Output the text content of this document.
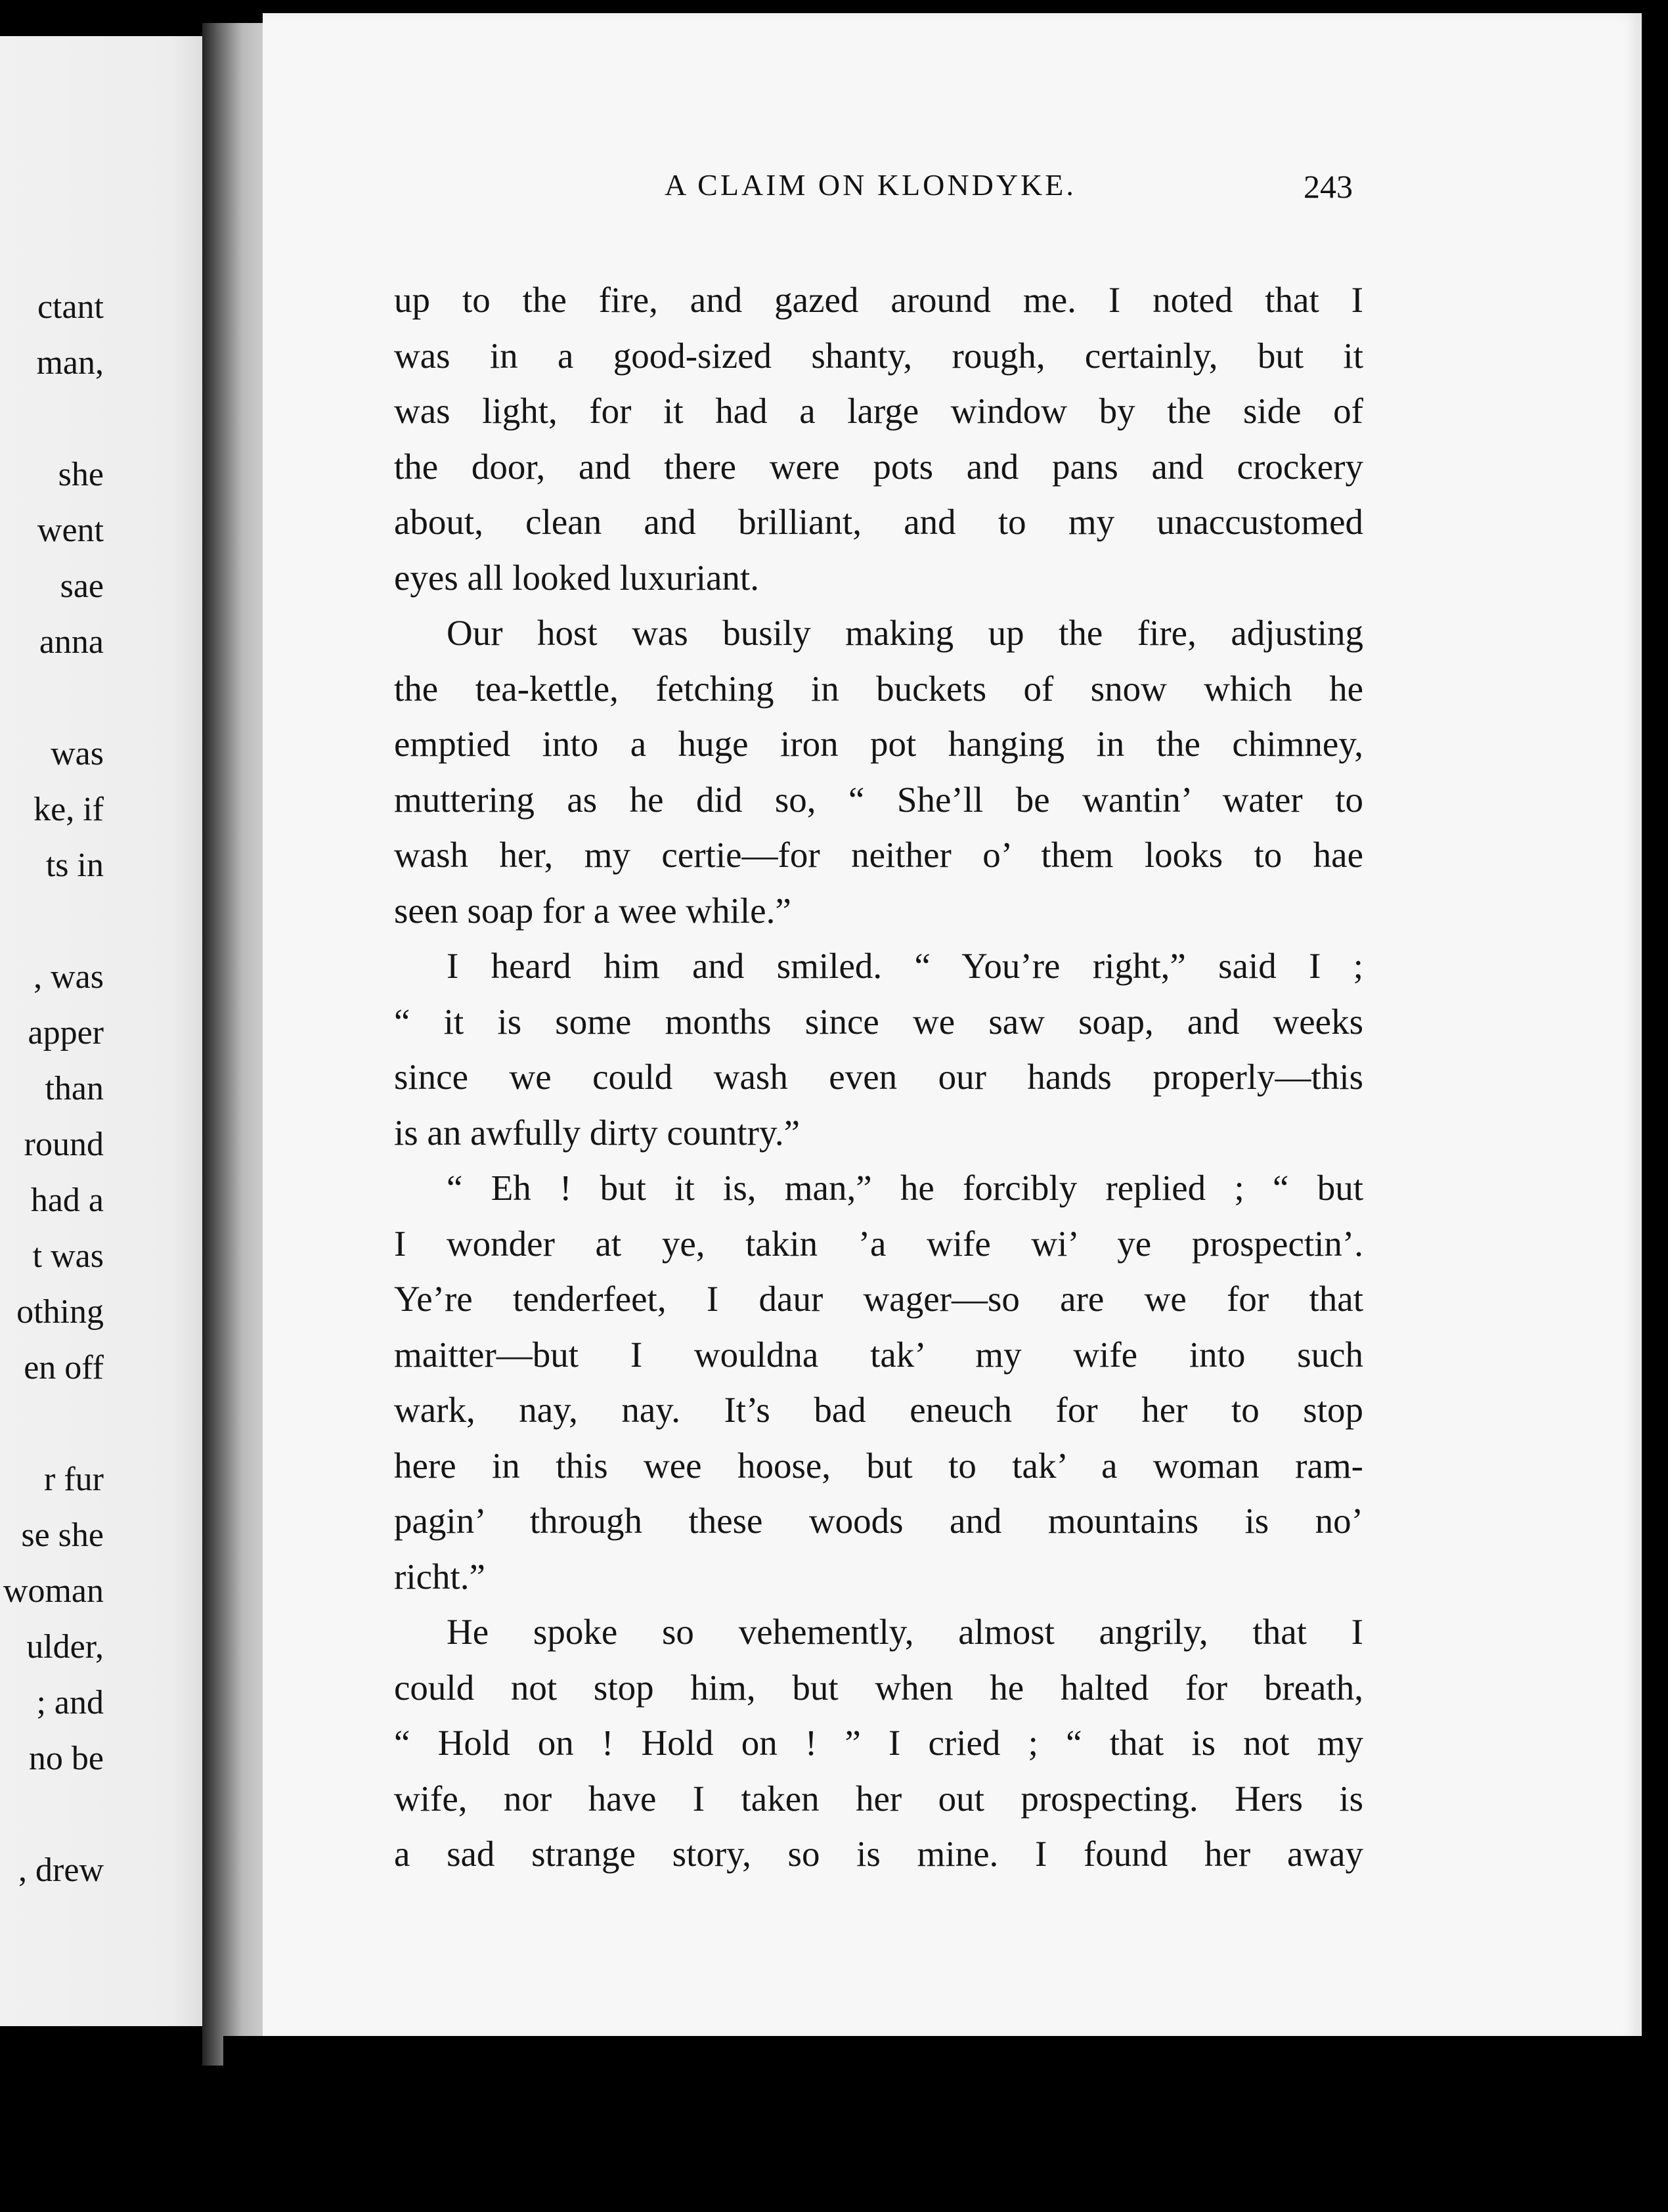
ctant
man,
she
went
sae
anna
was
ke, if
ts in
, was
apper
than
round
had a
t was
othing
en off
r fur
se she
woman
ulder,
; and
no be
, drew
A CLAIM ON KLONDYKE.	243
up to the fire, and gazed around me. I noted that I
was in a good-sized shanty, rough, certainly, but it
was light, for it had a large window by the side of
the door, and there were pots and pans and crockery
about, clean and brilliant, and to my unaccustomed
eyes all looked luxuriant.
Our host was busily making up the fire, adjusting
the tea-kettle, fetching in buckets of snow which he
emptied into a huge iron pot hanging in the chimney,
muttering as he did so, “ She’ll be wantin’ water to
wash her, my certie—for neither o’ them looks to hae
seen soap for a wee while.”
I heard him and smiled. “ You’re right,” said I ;
“ it is some months since we saw soap, and weeks
since we could wash even our hands properly—this
is an awfully dirty country.”
“ Eh ! but it is, man,” he forcibly replied ; “ but
I wonder at ye, takin ’a wife wi’ ye prospectin’.
Ye’re tenderfeet, I daur wager—so are we for that
maitter—but I wouldna tak’ my wife into such
wark, nay, nay. It’s bad eneuch for her to stop
here in this wee hoose, but to tak’ a woman ram-
pagin’ through these woods and mountains is no’
richt.”
He spoke so vehemently, almost angrily, that I
could not stop him, but when he halted for breath,
“ Hold on ! Hold on ! ” I cried ; “ that is not my
wife, nor have I taken her out prospecting. Hers is
a sad strange story, so is mine. I found her away
